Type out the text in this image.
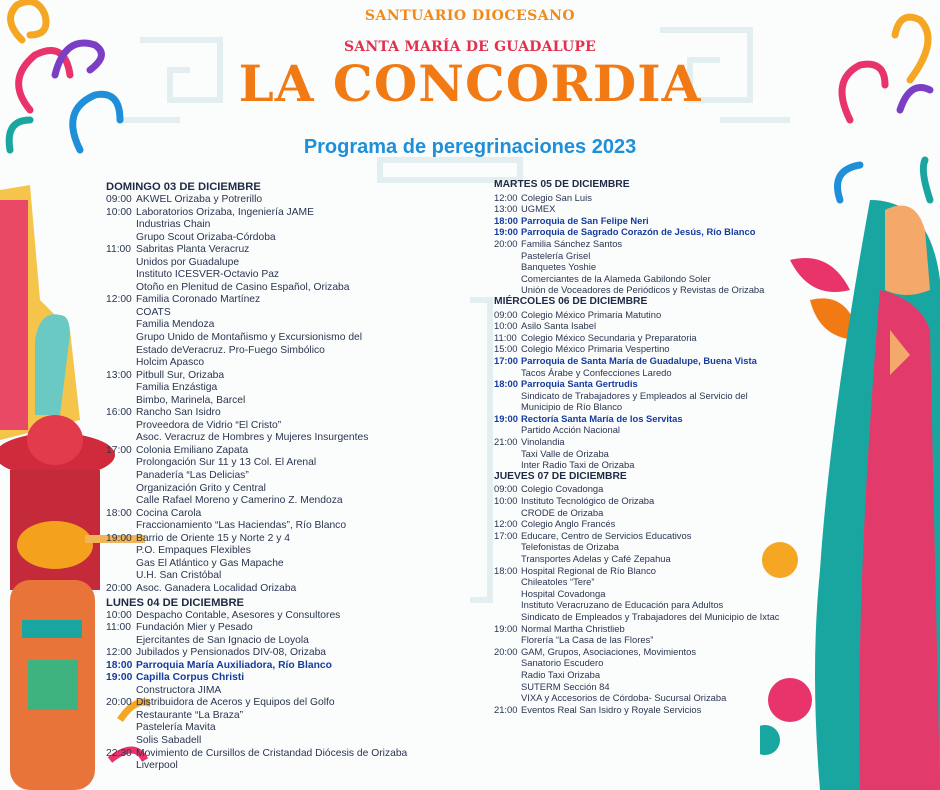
SANTUARIO DIOCESANO
SANTA MARÍA DE GUADALUPE
LA CONCORDIA
Programa de peregrinaciones 2023
DOMINGO 03 DE DICIEMBRE
09:00 AKWEL Orizaba y Potrerillo
10:00 Laboratorios Orizaba, Ingeniería JAME
Industrias Chain
Grupo Scout Orizaba-Córdoba
11:00 Sabritas Planta Veracruz
Unidos por Guadalupe
Instituto ICESVER-Octavio Paz
Otoño en Plenitud de Casino Español, Orizaba
12:00 Familia Coronado Martínez
COATS
Familia Mendoza
Grupo Unido de Montañismo y Excursionismo del
Estado deVeracruz. Pro-Fuego Simbólico
Holcim Apasco
13:00 Pitbull Sur, Orizaba
Familia Enzástiga
Bimbo, Marinela, Barcel
16:00 Rancho San Isidro
Proveedora de Vidrio “El Cristo”
Asoc. Veracruz de Hombres y Mujeres Insurgentes
17:00 Colonia Emiliano Zapata
Prolongación Sur 11 y 13 Col. El Arenal
Panadería “Las Delicias”
Organización Grito y Central
Calle Rafael Moreno y Camerino Z. Mendoza
18:00 Cocina Carola
Fraccionamiento “Las Haciendas”, Río Blanco
19:00 Barrio de Oriente 15 y Norte 2 y 4
P.O. Empaques Flexibles
Gas El Atlántico y Gas Mapache
U.H. San Cristóbal
20:00 Asoc. Ganadera Localidad Orizaba
LUNES 04 DE DICIEMBRE
10:00 Despacho Contable, Asesores y Consultores
11:00 Fundación Mier y Pesado
Ejercitantes de San Ignacio de Loyola
12:00 Jubilados y Pensionados DIV-08, Orizaba
18:00 Parroquia María Auxiliadora, Río Blanco
19:00 Capilla Corpus Christi
Constructora JIMA
20:00 Distribuidora de Aceros y Equipos del Golfo
Restaurante “La Braza”
Pastelería Mavita
Solis Sabadell
22:30 Movimiento de Cursillos de Cristandad Diócesis de Orizaba
Liverpool
MARTES 05 DE DICIEMBRE
12:00 Colegio San Luis
13:00 UGMEX
18:00 Parroquia de San Felipe Neri
19:00 Parroquia de Sagrado Corazón de Jesús, Río Blanco
20:00 Familia Sánchez Santos
Pastelería Grisel
Banquetes Yoshie
Comerciantes de la Alameda Gabilondo Soler
Unión de Voceadores de Periódicos y Revistas de Orizaba
MIÉRCOLES 06 DE DICIEMBRE
09:00 Colegio México Primaria Matutino
10:00 Asilo Santa Isabel
11:00 Colegio México Secundaria y Preparatoria
15:00 Colegio México Primaria Vespertino
17:00 Parroquia de Santa María de Guadalupe, Buena Vista
Tacos Árabe y Confecciones Laredo
18:00 Parroquia Santa Gertrudis
Sindicato de Trabajadores y Empleados al Servicio del
Municipio de Río Blanco
19:00 Rectoría Santa María de los Servitas
Partido Acción Nacional
21:00 Vinolandia
Taxi Valle de Orizaba
Inter Radio Taxi de Orizaba
JUEVES 07 DE DICIEMBRE
09:00 Colegio Covadonga
10:00 Instituto Tecnológico de Orizaba
CRODE de Orizaba
12:00 Colegio Anglo Francés
17:00 Educare, Centro de Servicios Educativos
Telefonistas de Orizaba
Transportes Adelas y Café Zepahua
18:00 Hospital Regional de Río Blanco
Chileatoles “Tere”
Hospital Covadonga
Instituto Veracruzano de Educación para Adultos
Sindicato de Empleados y Trabajadores del Municipio de Ixtac
19:00 Normal Martha Christlieb
Florería “La Casa de las Flores”
20:00 GAM, Grupos, Asociaciones, Movimientos
Sanatorio Escudero
Radio Taxi Orizaba
SUTERM Sección 84
VIXA y Accesorios de Córdoba- Sucursal Orizaba
21:00 Eventos Real San Isidro y Royale Servicios
